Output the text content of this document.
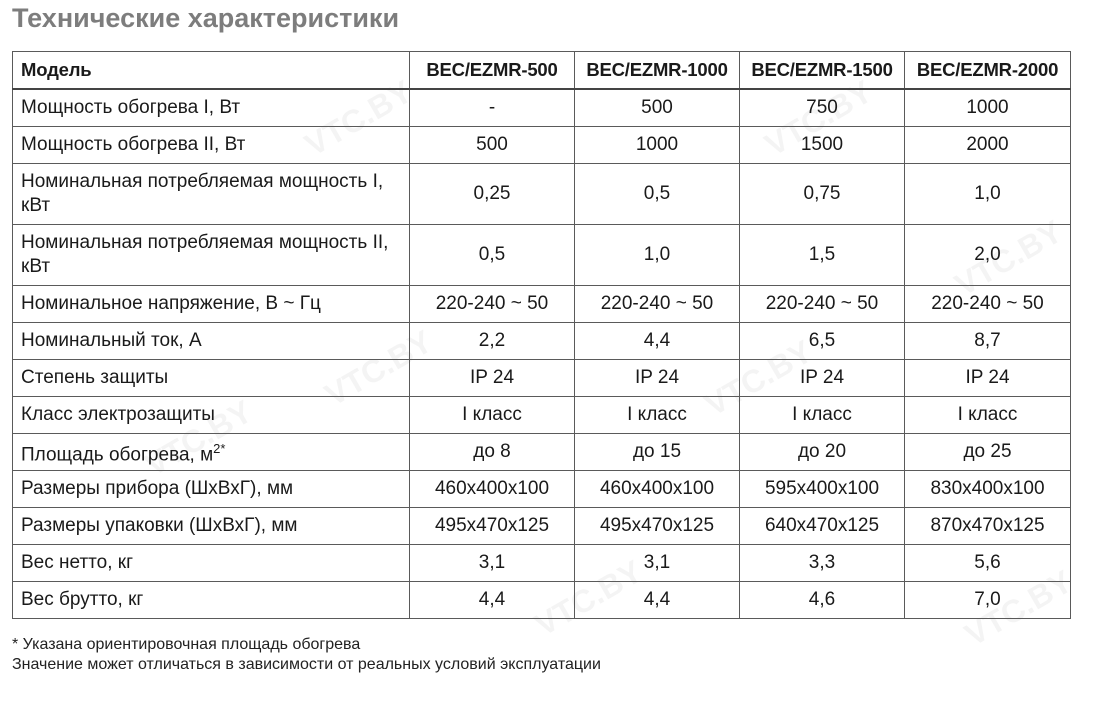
Технические характеристики
Модель	BEC/EZMR-500	BEC/EZMR-1000	BEC/EZMR-1500	BEC/EZMR-2000
Мощность обогрева I, Вт	-	500	750	1000
Мощность обогрева II, Вт	500	1000	1500	2000
Номинальная потребляемая мощность I, кВт	0,25	0,5	0,75	1,0
Номинальная потребляемая мощность II, кВт	0,5	1,0	1,5	2,0
Номинальное напряжение, В ~ Гц	220-240 ~ 50	220-240 ~ 50	220-240 ~ 50	220-240 ~ 50
Номинальный ток, А	2,2	4,4	6,5	8,7
Степень защиты	IP 24	IP 24	IP 24	IP 24
Класс электрозащиты	I класс	I класс	I класс	I класс
Площадь обогрева, $м^{2*}$	до 8	до 15	до 20	до 25
Размеры прибора (ШхВхГ), мм	460x400x100	460x400x100	595x400x100	830x400x100
Размеры упаковки (ШхВхГ), мм	495x470x125	495x470x125	640x470x125	870x470x125
Вес нетто, кг	3,1	3,1	3,3	5,6
Вес брутто, кг	4,4	4,4	4,6	7,0
* Указана ориентировочная площадь обогрева
Значение может отличаться в зависимости от реальных условий эксплуатации
